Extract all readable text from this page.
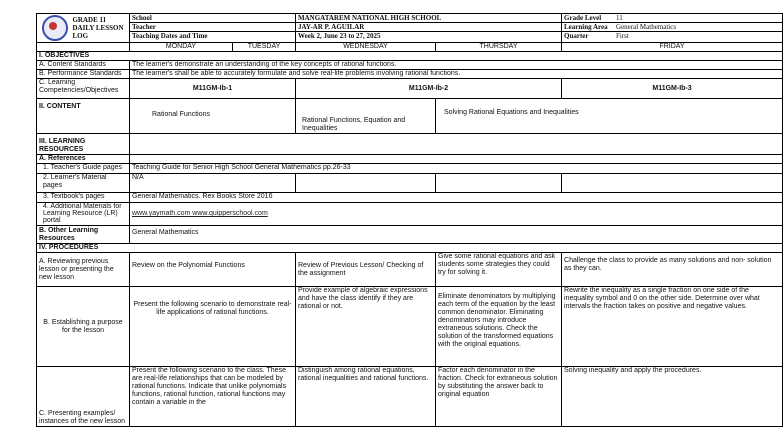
GRADE 11
DAILY LESSON
LOG	School		MANGATAREM NATIONAL HIGH SCHOOL		Grade Level 11
	Teacher		JAY-AR P. AGUILAR		Learning Area General Mathematics
	Teaching Dates and Time		Week 2, June 23 to 27, 2025		Quarter First
	MONDAY	TUESDAY	WEDNESDAY	THURSDAY	FRIDAY
I. OBJECTIVES					
A. Content Standards	The learner's demonstrate an understanding of the key concepts of rational functions.				
B. Performance Standards	The learner's shall be able to accurately formulate and solve real-life problems involving rational functions.				
C. Learning Competencies/Objectives	M11GM-Ib-1		M11GM-Ib-2		M11GM-Ib-3
II. CONTENT	Rational Functions		Rational Functions, Equation and Inequalities	Solving Rational Equations and Inequalities	
III. LEARNING RESOURCES					
A. References					
1. Teacher's Guide pages	Teaching Guide for Senior High School General Mathematics pp.26-33				
2. Learner's Material pages	N/A				
3. Textbook's pages	General Mathematics. Rex Books Store 2016				
4. Additional Materials for
Learning Resource (LR) portal	www.yaymath.com www.quipperschool.com				
B. Other Learning Resources	General Mathematics				
IV. PROCEDURES					
A. Reviewing previous lesson or presenting the new lesson	Review on the Polynomial Functions		Review of Previous Lesson/ Checking of the assignment	Give some rational equations and ask students some strategies they could try for solving it.	Challenge the class to provide as many solutions and non- solution as they can.
B. Establishing a purpose for the lesson	Present the following scenario to demonstrate real-life applications of rational functions.		Provide example of algebraic expressions and have the class identify if they are rational or not.	Eliminate denominators by multiplying each term of the equation by the least common denominator. Eliminating denominators may introduce extraneous solutions. Check the solution of the transformed equations with the original equations.	Rewrite the inequality as a single fraction on one side of the inequality symbol and 0 on the other side. Determine over what intervals the fraction takes on positive and negative values.
C. Presenting examples/ instances of the new lesson	Present the following scenario to the class. These are real-life relationships that can be modeled by rational functions. Indicate that unlike polynomials functions, rational function, rational functions may contain a variable in the		Distinguish among rational equations, rational inequalities and rational functions.	Factor each denominator in the fraction. Check for extraneous solution by substituting the answer back to original equation	Solving inequality and apply the procedures.
